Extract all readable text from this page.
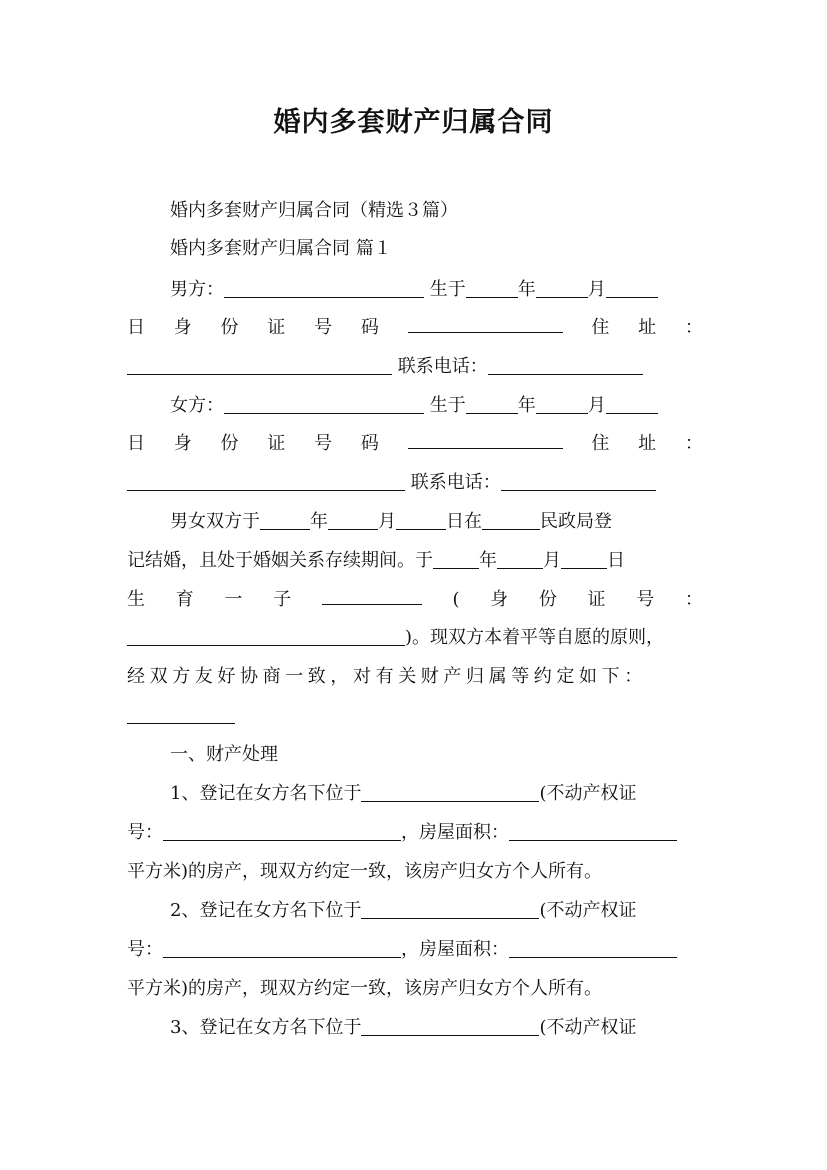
婚内多套财产归属合同
婚内多套财产归属合同（精选３篇）
婚内多套财产归属合同 篇１
男方：	生于	年	月
日 身 份 证 号 码	住 址 ：
联系电话：
女方：	生于	年	月
日 身 份 证 号 码	住 址 ：
联系电话：
男女双方于	年	月	日在	民政局登
记结婚，且处于婚姻关系存续期间。于	年	月	日
生 育 一 子	( 身 份 证 号 ：
)。现双方本着平等自愿的原则，
经双方友好协商一致，对有关财产归属等约定如下：
一、财产处理
1、登记在女方名下位于	(不动产权证
号：	，房屋面积：
平方米)的房产，现双方约定一致，该房产归女方个人所有。
2、登记在女方名下位于	(不动产权证
号：	，房屋面积：
平方米)的房产，现双方约定一致，该房产归女方个人所有。
3、登记在女方名下位于	(不动产权证
